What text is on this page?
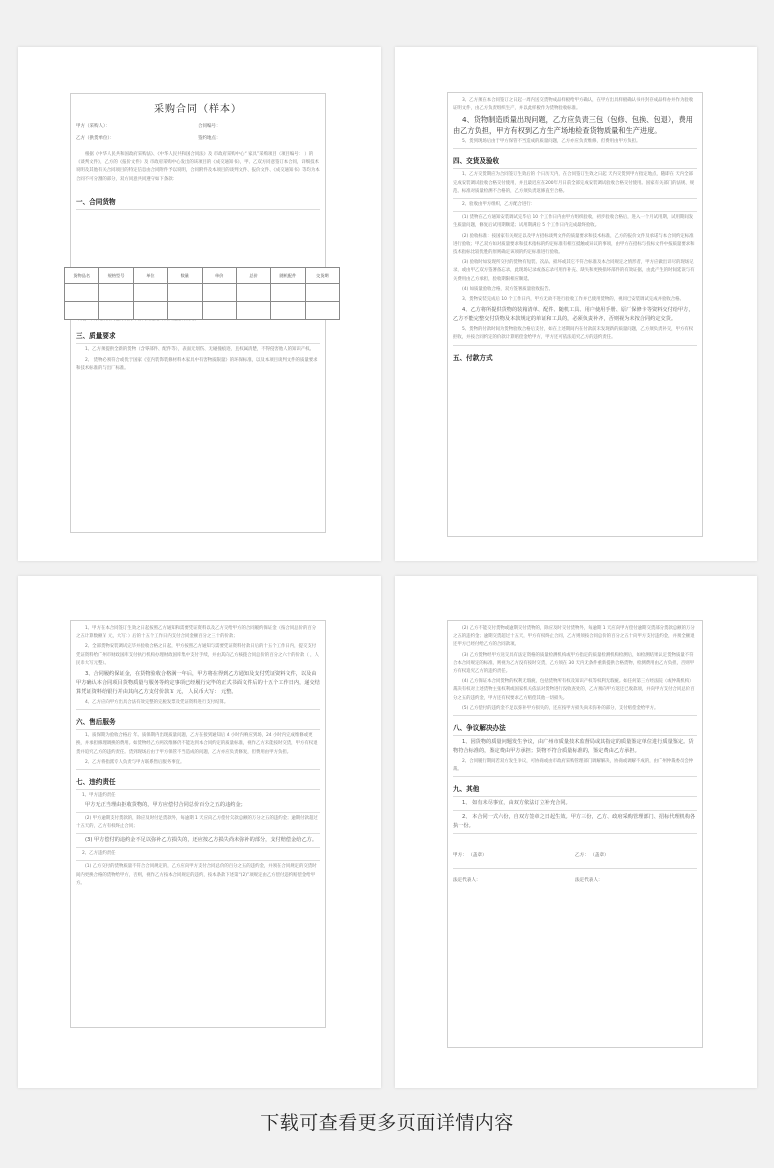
采购合同（样本）
甲方（采购人）：	合同编号：
乙方（供货单位）：	签约地点：

根据《中华人民共和国政府采购法》、《中华人民共和国合同法》及 市政府采购中心“ 家具”采购项目（项目编号： ）的《谈判文件》，乙方的《报价文件》及 市政府采购中心发出的该项目的《成交通知书》，甲、乙双方同意签订本合同，详细技术说明及其他有关合同项目的特定信息由合同附件予以说明，合同附件及本项目的谈判文件、报价文件、《成交通知书》等均为本合同不可分割的部分，双方同意共同遵守如下条款：

一、合同货物

三、质量要求

1、乙方须提供全新的货物（含零部件、配件等），表面无划伤、无碰撞痕迹，且权属清楚，不得侵害他人的知识产权。

2、 货物必须符合或优于国家《室内装饰装修材料木家具中有害物质限量》的环保标准，以及本项目谈判文件的质量要求和技术标准的与出厂标准。

货物品名	规格型号	单位	数量	单价	总价	随机配件	交货期

3、乙方须在本合同签订之日起一周内送交货物成品样板给甲方确认，在甲方出具样板确认书并封存成品样办并作为验收证明文件，由乙方负责组织生产，并以此样板作为货物验收标准。

4、货物制造质量出现问题，乙方应负责三包（包修、包换、包退），费用由乙方负担，甲方有权到乙方生产场地检查货物质量和生产进度。

5、货到现场后由于甲方保管不当造成的质量问题，乙方亦应负责维修，但费用由甲方负担。

四、交货及验收

1、乙方交货期应为合同签订生效后的 个日历天内，在合同签订生效之日起 天内交货到甲方指定地点，随即在 天内全部完成安装调试验收合格交付使用，并且最迟应在200年月日前全部完成安装调试验收合格交付使用。国家有关部门的法规、规范、标准对质量检测不合格的，乙方须负责返修直至合格。

2、验收由甲方组织，乙方配合进行：

(1) 货物在乙方通知安装调试完毕后 10 个工作日内由甲方组织验收，初步验收合格后，进入一个月试用期，试用期间发生质量问题，修复后试用期顺延；试用期满后 5 个工作日内完成最终验收。

(2) 验收标准：按国家有关规定以及甲方招标谈判文件的质量要求和技术标准，乙方的报价文件及承诺与本合同约定标准进行验收；甲乙双方如对质量要求和技术指标的约定标准有相互抵触或异议的事项，由甲方在招标与投标文件中按质量要求和技术指标比较优胜的原则确定该项的约定标准进行验收。

(3) 验收时如发现所交付的货物有短装、次品、损坏或其它不符合标准及本合同规定之情形者，甲方应做出详尽的现场记录，或由甲乙双方签署备忘录，此现场记录或备忘录可用作补充、缺失和更换损坏部件的有效证据，由此产生的时间延误与有关费用由乙方承担，验收期限相应顺延。

(4) 如质量验收合格，双方签署质量验收报告。

3、货物安装完成后 10 个工作日内，甲方无故不进行验收工作并已使用货物的，视同已安装调试完成并验收合格。

4、乙方将所提供货物的装箱清单、配件、随机工具、用户使用手册、原厂保修卡等资料交付给甲方，乙方不能完整交付货物及本款规定的单证和工具的，必须负责补齐，否则视为未按合同约定交货。

5、货物的付款时间为货物验收合格后支付，如在上述期间内在付款前未发现新的质量问题，乙方须负责补交，甲方有权拒收，并按合同约定的价款计算赔偿金给甲方，甲方还可依法追究乙方的违约责任。

五、付款方式

1、甲方在本合同签订生效之日起按照乙方通知和需要凭证资料以及乙方交给甲方的合同履约保证金（按合同总价的百分之五计算数额￥ 元，大写：）后的十五个工作日内支付合同金额百分之三十的价款；

2、全部货物安装调试完毕并验收合格之日起，甲方按照乙方通知与需要凭证资料付款日后的十五个工作日内，提交支付凭证资料给广州市财政国库支付执行机构办理财政国库集中支付手续，并由其向乙方核拨合同总价的百分之六十的价款（ ，人民币大写元整）。

3、合同履约保证金，在货物验收合格满一年后，甲方将在得到乙方通知及支付凭证资料文件，以及由甲方确认本合同项目货物质量与服务等约定事项已经履行完毕的正式书面文件后的十五个工作日内，递交结算凭证资料给银行并由其向乙方支付价款￥ 元， 人民币大写： 元整。

4、乙方应向甲方出具合法有效完整的完税发票及凭证资料进行支付结算。

六、售后服务

1、质保期为验收合格后 年。质保期内出现质量问题，乙方在接到通知后 4 小时内响应到场，24 小时内完成维修或更换，并承担修理调换的费用。如货物经乙方两次维修仍不能达到本合同约定的质量标准，视作乙方未能按时交货，甲方有权退货并追究乙方的违约责任。货到现场后由于甲方保管不当造成的问题，乙方亦应负责修复，但费用由甲方负担。

2、乙方将指派专人负责与甲方联系售后服务事宜。

七、违约责任
1、甲方违约责任

甲方无正当理由拒收货物的，甲方应偿付合同总价百分之五的违约金；

(2) 甲方逾期支付货款的，除应及时付足货款外，每逾期 1 天应向乙方偿付欠款总额的万分之五的违约金；逾期付款超过十五天的，乙方有权终止合同；

(3) 甲方偿付的违约金不足以弥补乙方损失的，还应按乙方损失尚未弥补的部分，支付赔偿金给乙方。

2、乙方违约责任

(1) 乙方交付的货物质量不符合合同规定的，乙方应向甲方支付合同总价的百分之五的违约金，并须在合同规定的交货时间内更换合格的货物给甲方，否则，视作乙方按本合同规定的违约，按本条款下述第“(2)”项规定由乙方偿付违约赔偿金给甲方。

(2) 乙方不能交付货物或逾期交付货物的，除应及时交付货物外，每逾期 1 天应向甲方偿付逾期交货部分货款总额的万分之五的违约金；逾期交货超过十五天，甲方有权终止合同，乙方则须按合同总价的百分之五十向甲方支付违约金，并须全额退还甲方已经付给乙方的合同款项。

(3) 乙方货物经甲方送交具有法定资格的质量检测机构或甲方指定的质量检测机构检测后，如检测结果认定货物质量不符合本合同规定的标准，则视为乙方没有按时交货，乙方须在 30 天内无条件重新提供合格货物，检测费用由乙方负担，否则甲方有权追究乙方的违约责任。

(4) 乙方保证本合同货物的权利无瑕疵，包括货物所有权及知识产权等权利无瑕疵。如任何第三方经法院（或仲裁机构）裁决有权对上述货物主张权利或国家机关依法对货物进行没收查处的，乙方须向甲方返还已收款项，并向甲方支付合同总价百分之五的违约金，甲方还有权要求乙方赔偿其他一切损失。

(5) 乙方偿付的违约金不足以弥补甲方损失的，还应按甲方损失尚未弥补的部分，支付赔偿金给甲方。

八、争议解决办法

1、因货物的质量问题发生争议，由广州市质量技术监督局或其指定的质量鉴定单位进行质量鉴定。货物符合标准的，鉴定费由甲方承担；货物不符合质量标准的，鉴定费由乙方承担。

2、合同履行期间若双方发生争议，可协商或由市政府采购管理部门调解解决，协商或调解不成的，由广州仲裁委员会仲裁。

九、其他

1、 如有未尽事宜，由双方依法订立补充合同。

2、 本合同一式六份，自双方签章之日起生效。甲方三份，乙方、政府采购管理部门、招标代理机构各执一份。

甲方： （盖章）	乙方： （盖章）
法定代表人：	法定代表人：
下载可查看更多页面详情内容
